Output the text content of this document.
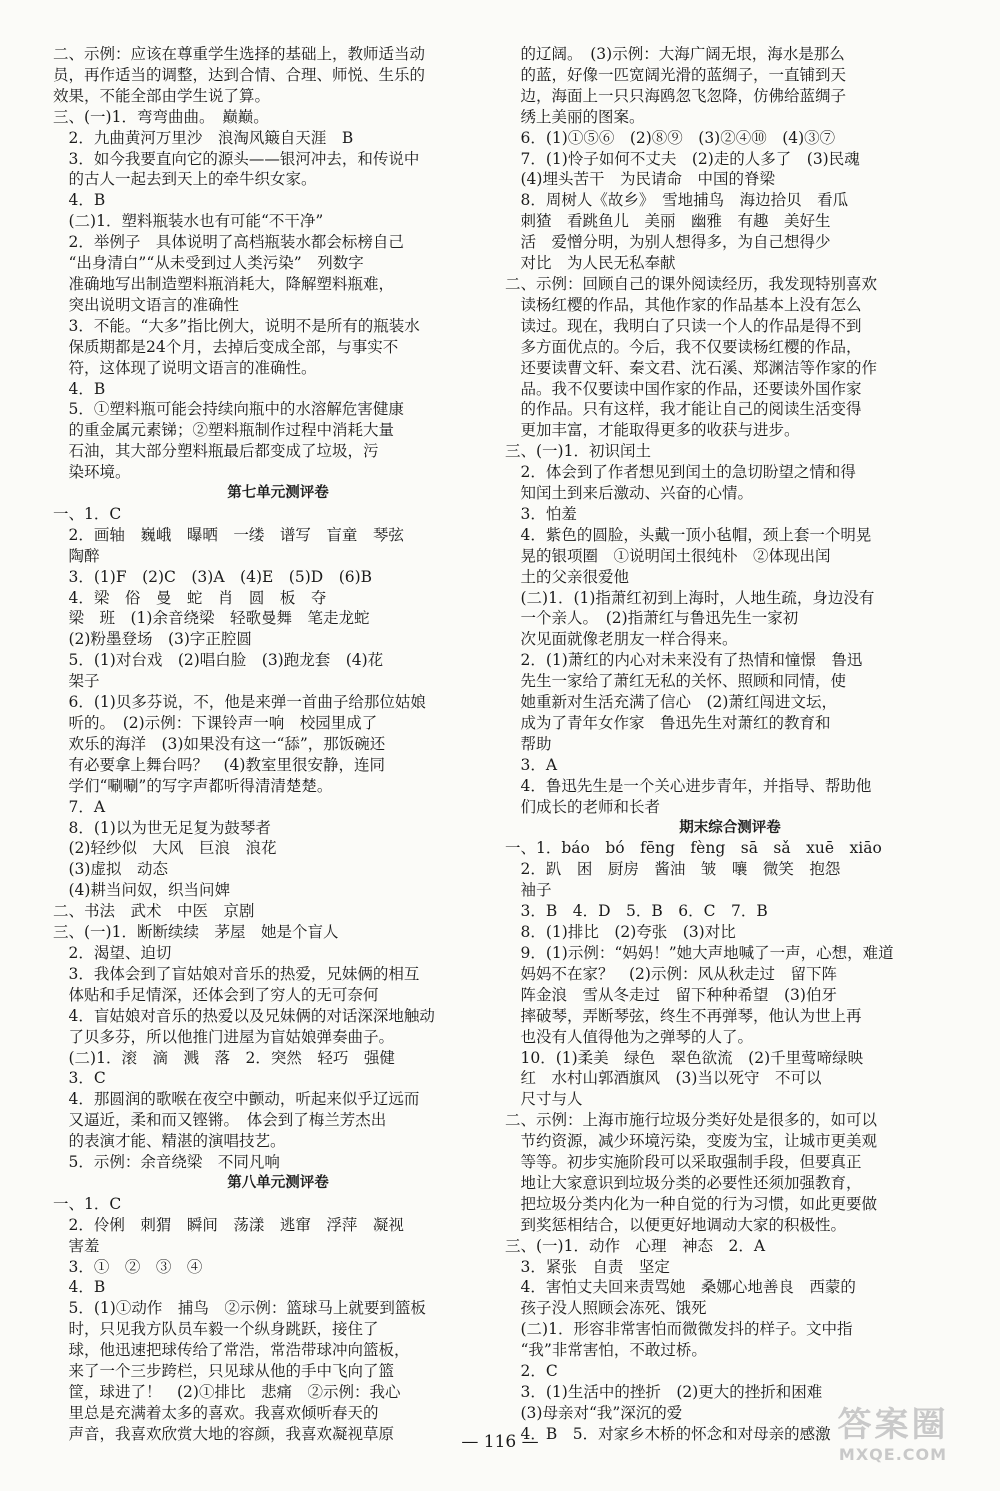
二、示例：应该在尊重学生选择的基础上，教师适当动
员，再作适当的调整，达到合情、合理、师悦、生乐的
效果，不能全部由学生说了算。
三、(一)1．弯弯曲曲。　巅巅。
　2．九曲黄河万里沙　浪淘风簸自天涯　B
　3．如今我要直向它的源头——银河冲去，和传说中
　的古人一起去到天上的牵牛织女家。
　4．B
　(二)1．塑料瓶装水也有可能“不干净”
　2．举例子　具体说明了高档瓶装水都会标榜自己
　“出身清白”“从未受到过人类污染”　列数字
　准确地写出制造塑料瓶消耗大，降解塑料瓶难，
　突出说明文语言的准确性
　3．不能。“大多”指比例大，说明不是所有的瓶装水
　保质期都是24个月，去掉后变成全部，与事实不
　符，这体现了说明文语言的准确性。
　4．B
　5．①塑料瓶可能会持续向瓶中的水溶解危害健康
　的重金属元素锑；②塑料瓶制作过程中消耗大量
　石油，其大部分塑料瓶最后都变成了垃圾，污
　染环境。
第七单元测评卷
一、1．C
　2．画轴　巍峨　曝晒　一缕　谱写　盲童　琴弦
　陶醉
　3．(1)F　(2)C　(3)A　(4)E　(5)D　(6)B
　4．梁　俗　曼　蛇　肖　圆　板　夺
　梁　班　(1)余音绕梁　轻歌曼舞　笔走龙蛇
　(2)粉墨登场　(3)字正腔圆
　5．(1)对台戏　(2)唱白脸　(3)跑龙套　(4)花
　架子
　6．(1)贝多芬说，不，他是来弹一首曲子给那位姑娘
　听的。　(2)示例：下课铃声一响　校园里成了
　欢乐的海洋　(3)如果没有这一“舔”，那饭碗还
　有必要拿上舞台吗？　(4)教室里很安静，连同
　学们“唰唰”的写字声都听得清清楚楚。
　7．A
　8．(1)以为世无足复为鼓琴者
　(2)轻纱似　大风　巨浪　浪花
　(3)虚拟　动态
　(4)耕当问奴，织当问婢
二、书法　武术　中医　京剧
三、(一)1．断断续续　茅屋　她是个盲人
　2．渴望、迫切
　3．我体会到了盲姑娘对音乐的热爱，兄妹俩的相互
　体贴和手足情深，还体会到了穷人的无可奈何
　4．盲姑娘对音乐的热爱以及兄妹俩的对话深深地触动
　了贝多芬，所以他推门进屋为盲姑娘弹奏曲子。
　(二)1．滚　滴　溅　落　2．突然　轻巧　强健
　3．C
　4．那圆润的歌喉在夜空中颤动，听起来似乎辽远而
　又逼近，柔和而又铿锵。　体会到了梅兰芳杰出
　的表演才能、精湛的演唱技艺。
　5．示例：余音绕梁　不同凡响
第八单元测评卷
一、1．C
　2．伶俐　刺猬　瞬间　荡漾　逃窜　浮萍　凝视
　害羞
　3．①　②　③　④
　4．B
　5．(1)①动作　捕鸟　②示例：篮球马上就要到篮板
　时，只见我方队员车毅一个纵身跳跃，接住了
　球，他迅速把球传给了常浩，常浩带球冲向篮板，
　来了一个三步跨栏，只见球从他的手中飞向了篮
　筐，球进了！　(2)①排比　悲痛　②示例：我心
　里总是充满着太多的喜欢。我喜欢倾听春天的
　声音，我喜欢欣赏大地的容颜，我喜欢凝视草原
　的辽阔。　(3)示例：大海广阔无垠，海水是那么
　的蓝，好像一匹宽阔光滑的蓝绸子，一直铺到天
　边，海面上一只只海鸥忽飞忽降，仿佛给蓝绸子
　绣上美丽的图案。
　6．(1)①⑤⑥　(2)⑧⑨　(3)②④⑩　(4)③⑦
　7．(1)怜子如何不丈夫　(2)走的人多了　(3)民魂
　(4)埋头苦干　为民请命　中国的脊梁
　8．周树人《故乡》　雪地捕鸟　海边拾贝　看瓜
　刺猹　看跳鱼儿　美丽　幽雅　有趣　美好生
　活　爱憎分明，为别人想得多，为自己想得少
　对比　为人民无私奉献
二、示例：回顾自己的课外阅读经历，我发现特别喜欢
　读杨红樱的作品，其他作家的作品基本上没有怎么
　读过。现在，我明白了只读一个人的作品是得不到
　多方面优点的。今后，我不仅要读杨红樱的作品，
　还要读曹文轩、秦文君、沈石溪、郑渊洁等作家的作
　品。我不仅要读中国作家的作品，还要读外国作家
　的作品。只有这样，我才能让自己的阅读生活变得
　更加丰富，才能取得更多的收获与进步。
三、(一)1．初识闰土
　2．体会到了作者想见到闰土的急切盼望之情和得
　知闰土到来后激动、兴奋的心情。
　3．怕羞
　4．紫色的圆脸，头戴一顶小毡帽，颈上套一个明晃
　晃的银项圈　①说明闰土很纯朴　②体现出闰
　土的父亲很爱他
　(二)1．(1)指萧红初到上海时，人地生疏，身边没有
　一个亲人。　(2)指萧红与鲁迅先生一家初
　次见面就像老朋友一样合得来。
　2．(1)萧红的内心对未来没有了热情和憧憬　鲁迅
　先生一家给了萧红无私的关怀、照顾和同情，使
　她重新对生活充满了信心　(2)萧红闯进文坛，
　成为了青年女作家　鲁迅先生对萧红的教育和
　帮助
　3．A
　4．鲁迅先生是一个关心进步青年，并指导、帮助他
　们成长的老师和长者
期末综合测评卷
一、1．báo　bó　fēng　fèng　sā　sǎ　xuē　xiāo
　2．趴　困　厨房　酱油　皱　嚷　微笑　抱怨
　袖子
　3．B　4．D　5．B　6．C　7．B
　8．(1)排比　(2)夸张　(3)对比
　9．(1)示例：“妈妈！”她大声地喊了一声，心想，难道
　妈妈不在家？　(2)示例：风从秋走过　留下阵
　阵金浪　雪从冬走过　留下种种希望　(3)伯牙
　摔破琴，弄断琴弦，终生不再弹琴，他认为世上再
　也没有人值得他为之弹琴的人了。
　10．(1)柔美　绿色　翠色欲流　(2)千里莺啼绿映
　红　水村山郭酒旗风　(3)当以死守　不可以
　尺寸与人
二、示例：上海市施行垃圾分类好处是很多的，如可以
　节约资源，减少环境污染，变废为宝，让城市更美观
　等等。初步实施阶段可以采取强制手段，但要真正
　地让大家意识到垃圾分类的必要性还须加强教育，
　把垃圾分类内化为一种自觉的行为习惯，如此更要做
　到奖惩相结合，以便更好地调动大家的积极性。
三、(一)1．动作　心理　神态　2．A
　3．紧张　自责　坚定
　4．害怕丈夫回来责骂她　桑娜心地善良　西蒙的
　孩子没人照顾会冻死、饿死
　(二)1．形容非常害怕而微微发抖的样子。文中指
　“我”非常害怕，不敢过桥。
　2．C
　3．(1)生活中的挫折　(2)更大的挫折和困难
　(3)母亲对“我”深沉的爱
　4．B　5．对家乡木桥的怀念和对母亲的感激
— 116 —	答案圈
MXQE.COM
